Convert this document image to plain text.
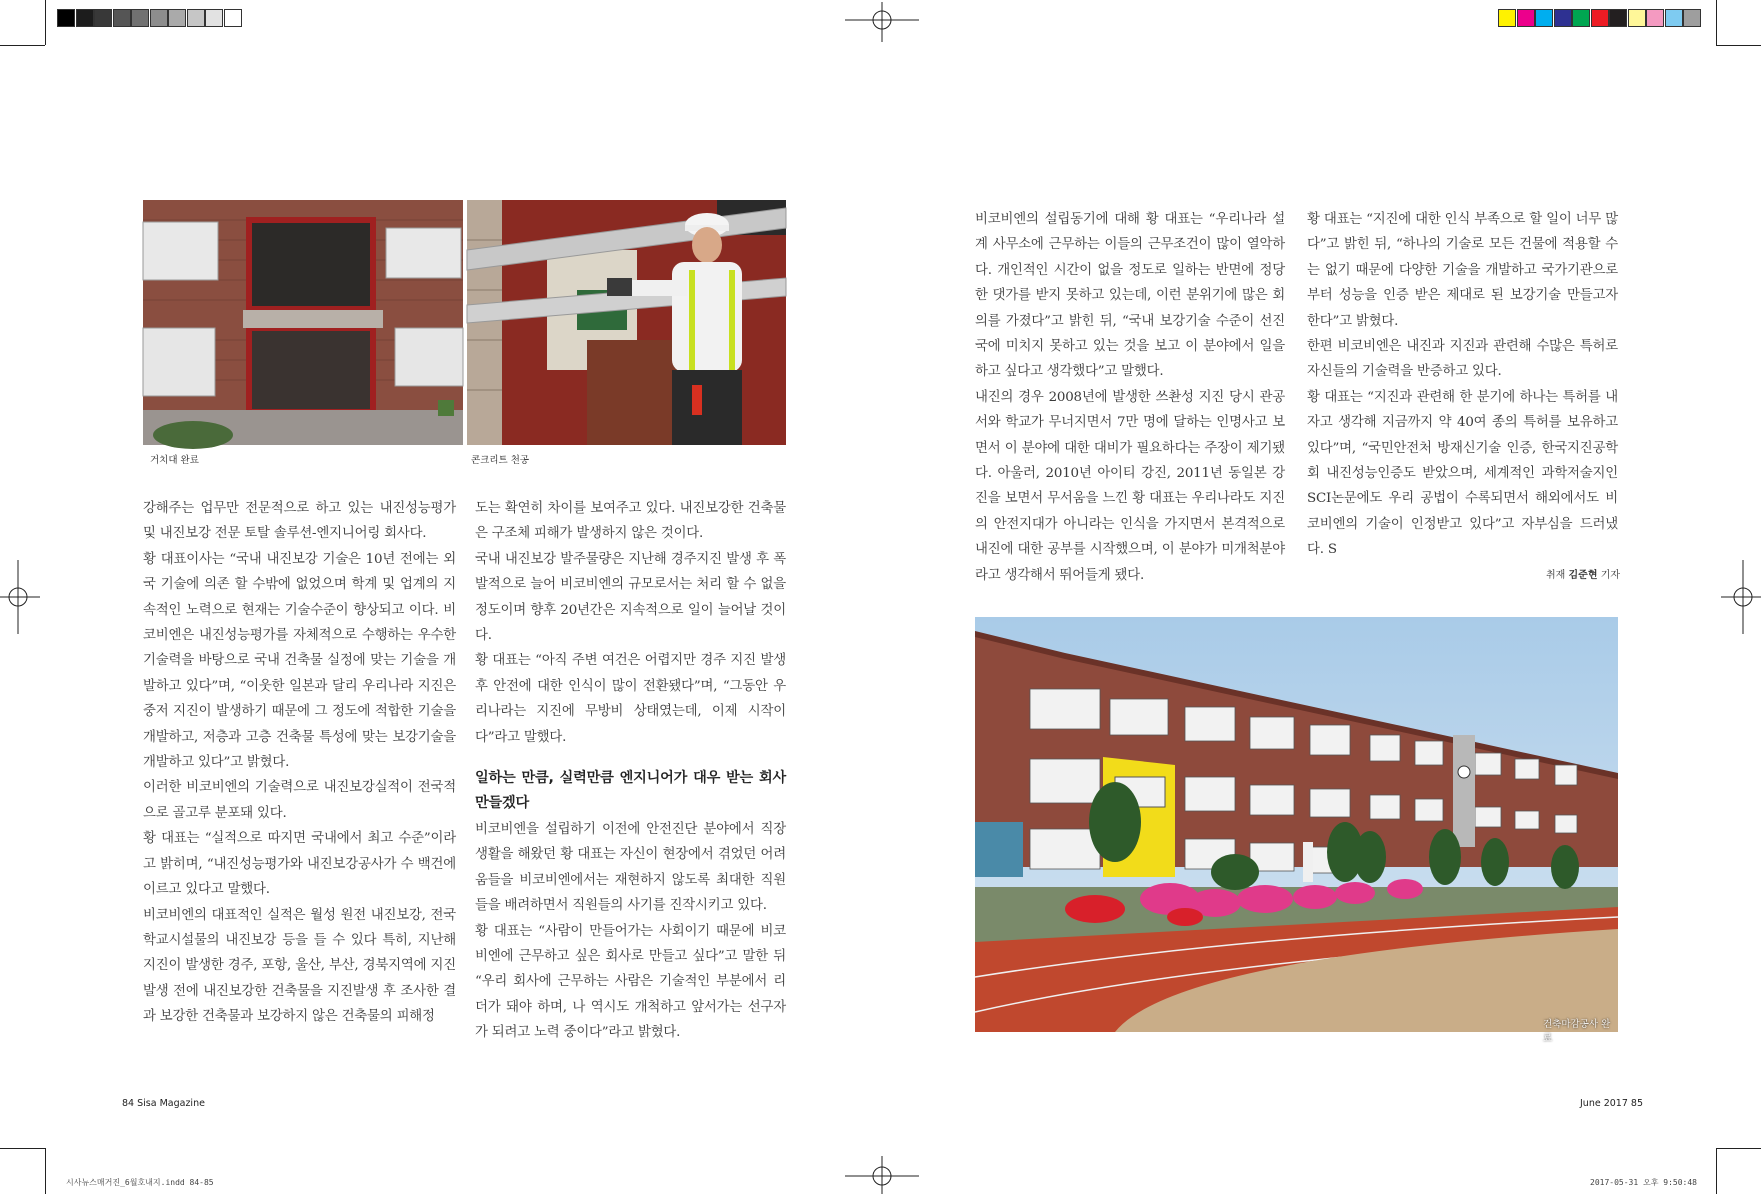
거치대 완료	콘크리트 천공

강해주는 업무만 전문적으로 하고 있는 내진성능평가 및 내진보강 전문 토탈 솔루션-엔지니어링 회사다.

황 대표이사는 “국내 내진보강 기술은 10년 전에는 외국 기술에 의존 할 수밖에 없었으며 학계 및 업계의 지속적인 노력으로 현재는 기술수준이 향상되고 이다. 비코비엔은 내진성능평가를 자체적으로 수행하는 우수한 기술력을 바탕으로 국내 건축물 실정에 맞는 기술을 개발하고 있다”며, “이웃한 일본과 달리 우리나라 지진은 중저 지진이 발생하기 때문에 그 정도에 적합한 기술을 개발하고, 저층과 고층 건축물 특성에 맞는 보강기술을 개발하고 있다”고 밝혔다.

이러한 비코비엔의 기술력으로 내진보강실적이 전국적으로 골고루 분포돼 있다.

황 대표는 “실적으로 따지면 국내에서 최고 수준”이라고 밝히며, “내진성능평가와 내진보강공사가 수 백건에 이르고 있다고 말했다.

비코비엔의 대표적인 실적은 월성 원전 내진보강, 전국 학교시설물의 내진보강 등을 들 수 있다 특히, 지난해 지진이 발생한 경주, 포항, 울산, 부산, 경북지역에 지진발생 전에 내진보강한 건축물을 지진발생 후 조사한 결과 보강한 건축물과 보강하지 않은 건축물의 피해정

도는 확연히 차이를 보여주고 있다. 내진보강한 건축물은 구조체 피해가 발생하지 않은 것이다.

국내 내진보강 발주물량은 지난해 경주지진 발생 후 폭발적으로 늘어 비코비엔의 규모로서는 처리 할 수 없을 정도이며 향후 20년간은 지속적으로 일이 늘어날 것이다.

황 대표는 “아직 주변 여건은 어렵지만 경주 지진 발생 후 안전에 대한 인식이 많이 전환됐다”며, “그동안 우리나라는 지진에 무방비 상태였는데, 이제 시작이다”라고 말했다.

일하는 만큼, 실력만큼 엔지니어가 대우 받는 회사 만들겠다

비코비엔을 설립하기 이전에 안전진단 분야에서 직장생활을 해왔던 황 대표는 자신이 현장에서 겪었던 어려움들을 비코비엔에서는 재현하지 않도록 최대한 직원들을 배려하면서 직원들의 사기를 진작시키고 있다.

황 대표는 “사람이 만들어가는 사회이기 때문에 비코비엔에 근무하고 싶은 회사로 만들고 싶다”고 말한 뒤 “우리 회사에 근무하는 사람은 기술적인 부분에서 리더가 돼야 하며, 나 역시도 개척하고 앞서가는 선구자가 되려고 노력 중이다”라고 밝혔다.

비코비엔의 설립동기에 대해 황 대표는 “우리나라 설계 사무소에 근무하는 이들의 근무조건이 많이 열악하다. 개인적인 시간이 없을 정도로 일하는 반면에 정당한 댓가를 받지 못하고 있는데, 이런 분위기에 많은 회의를 가졌다”고 밝힌 뒤, “국내 보강기술 수준이 선진국에 미치지 못하고 있는 것을 보고 이 분야에서 일을 하고 싶다고 생각했다”고 말했다.

내진의 경우 2008년에 발생한 쓰촨성 지진 당시 관공서와 학교가 무너지면서 7만 명에 달하는 인명사고 보면서 이 분야에 대한 대비가 필요하다는 주장이 제기됐다. 아울러, 2010년 아이티 강진, 2011년 동일본 강진을 보면서 무서움을 느낀 황 대표는 우리나라도 지진의 안전지대가 아니라는 인식을 가지면서 본격적으로 내진에 대한 공부를 시작했으며, 이 분야가 미개척분야라고 생각해서 뛰어들게 됐다.

황 대표는 “지진에 대한 인식 부족으로 할 일이 너무 많다”고 밝힌 뒤, “하나의 기술로 모든 건물에 적용할 수는 없기 때문에 다양한 기술을 개발하고 국가기관으로부터 성능을 인증 받은 제대로 된 보강기술 만들고자 한다”고 밝혔다.

한편 비코비엔은 내진과 지진과 관련해 수많은 특허로 자신들의 기술력을 반증하고 있다.

황 대표는 “지진과 관련해 한 분기에 하나는 특허를 내자고 생각해 지금까지 약 40여 종의 특허를 보유하고 있다”며, “국민안전처 방재신기술 인증, 한국지진공학회 내진성능인증도 받았으며, 세계적인 과학저술지인 SCI논문에도 우리 공법이 수록되면서 해외에서도 비코비엔의 기술이 인정받고 있다”고 자부심을 드러냈다. S

취재 김준현 기자
건축마감공사 완료
84 Sisa Magazine	June 2017 85
시사뉴스매거진_6월호내지.indd 84-85	2017-05-31 오후 9:50:48
